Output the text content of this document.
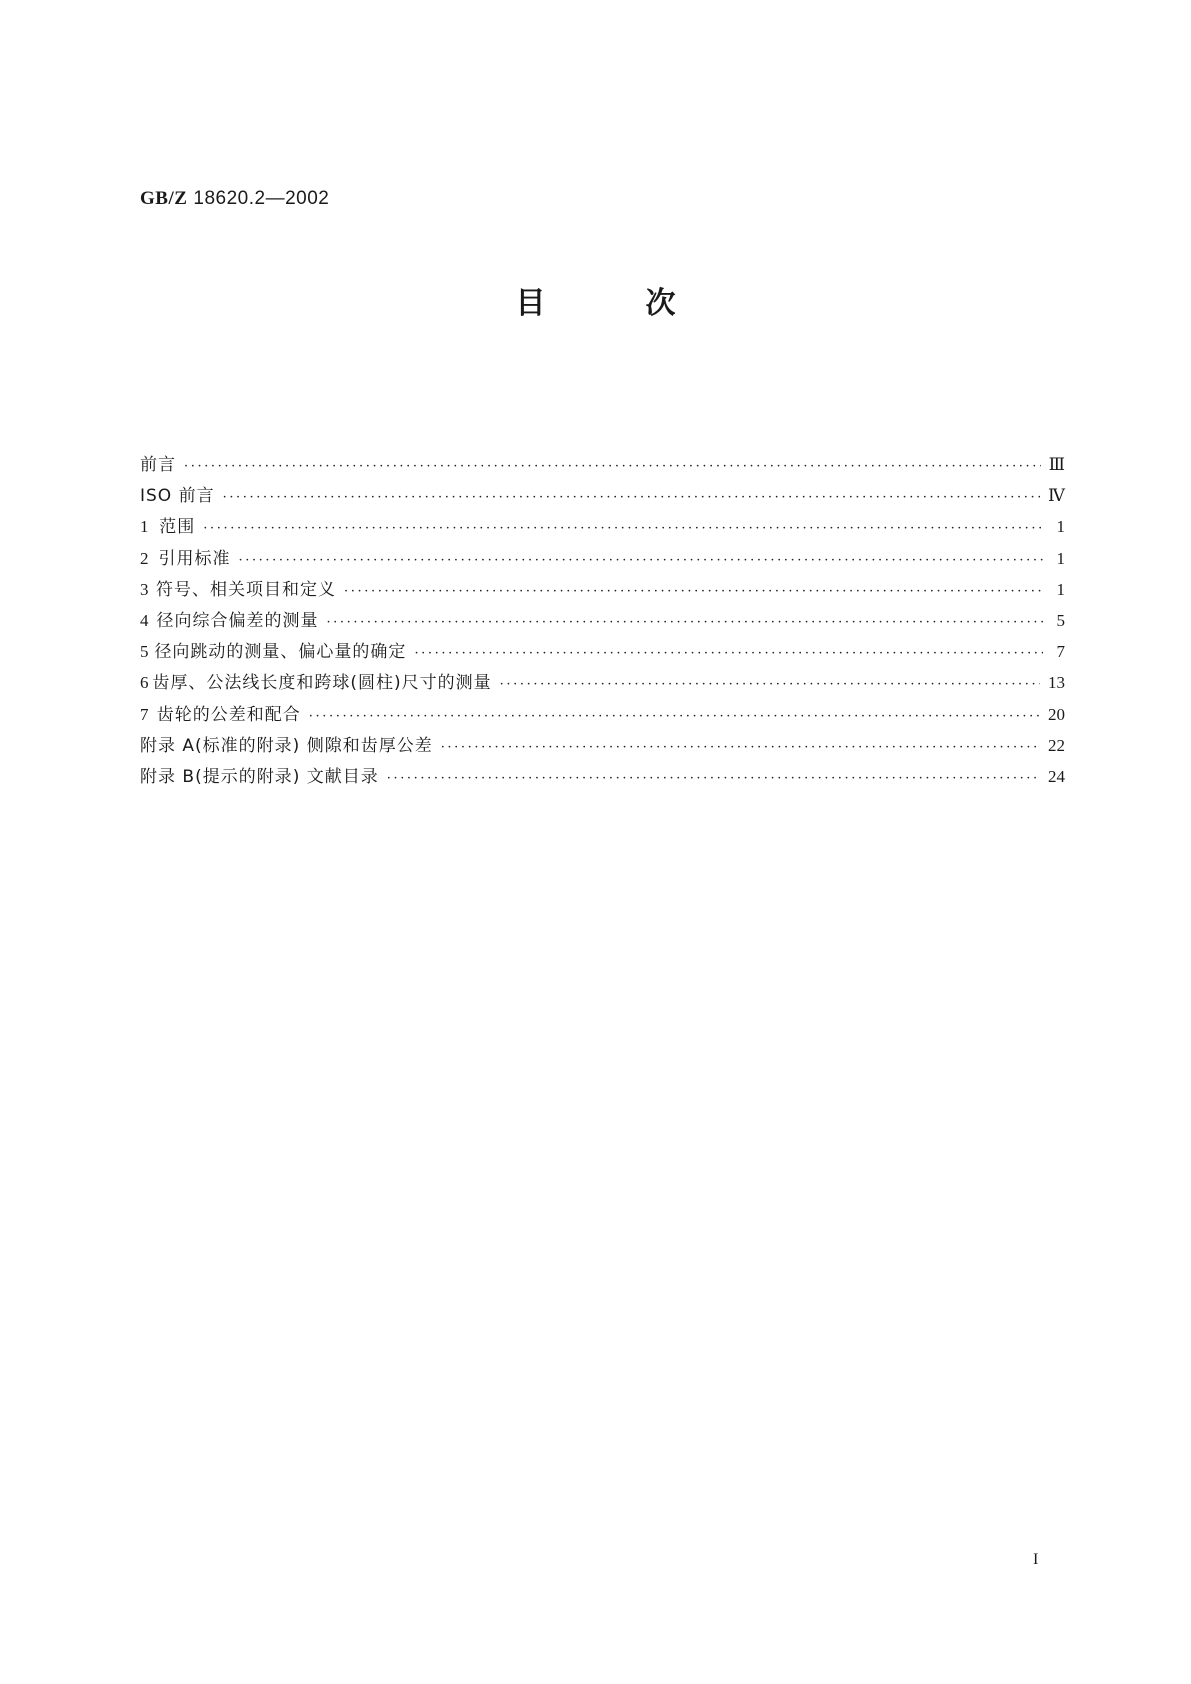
GB/Z 18620.2—2002
目	次
前言 ·····	Ⅲ
ISO 前言 ·····	Ⅳ
1 范围 ·····	1
2 引用标准 ·····	1
3 符号、相关项目和定义 ·····	1
4 径向综合偏差的测量 ·····	5
5 径向跳动的测量、偏心量的确定 ·····	7
6 齿厚、公法线长度和跨球(圆柱)尺寸的测量 ·····	13
7 齿轮的公差和配合 ·····	20
附录 A(标准的附录) 侧隙和齿厚公差 ·····	22
附录 B(提示的附录) 文献目录 ·····	24
I
